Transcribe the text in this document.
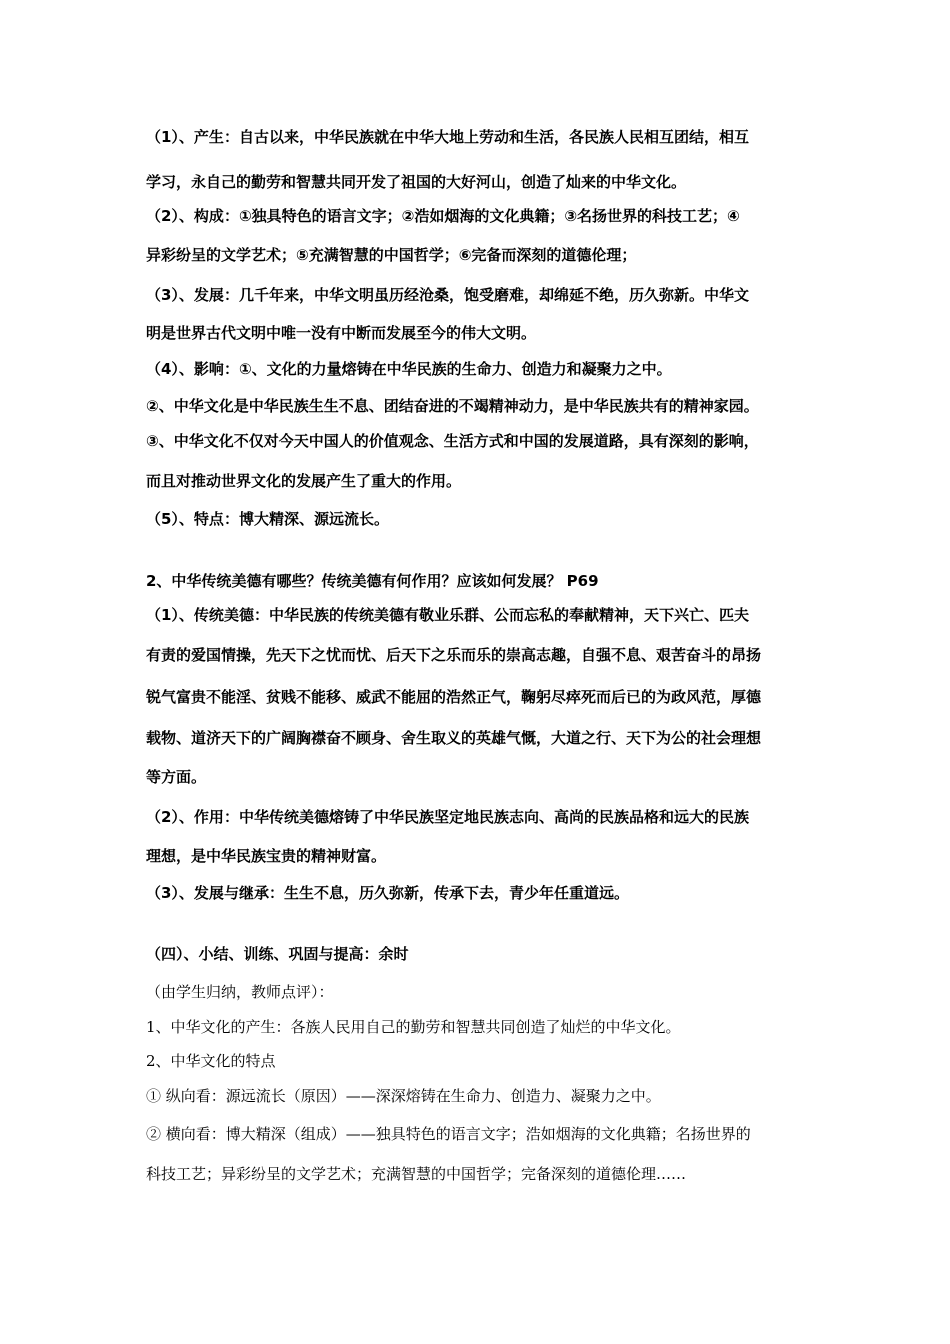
（1）、产生：自古以来，中华民族就在中华大地上劳动和生活，各民族人民相互团结，相互
学习，永自己的勤劳和智慧共同开发了祖国的大好河山，创造了灿来的中华文化。
（2）、构成：①独具特色的语言文字；②浩如烟海的文化典籍；③名扬世界的科技工艺；④
异彩纷呈的文学艺术；⑤充满智慧的中国哲学；⑥完备而深刻的道德伦理；
（3）、发展：几千年来，中华文明虽历经沧桑，饱受磨难，却绵延不绝，历久弥新。中华文
明是世界古代文明中唯一没有中断而发展至今的伟大文明。
（4）、影响：①、文化的力量熔铸在中华民族的生命力、创造力和凝聚力之中。
②、中华文化是中华民族生生不息、团结奋进的不竭精神动力，是中华民族共有的精神家园。
③、中华文化不仅对今天中国人的价值观念、生活方式和中国的发展道路，具有深刻的影响，
而且对推动世界文化的发展产生了重大的作用。
（5）、特点：博大精深、源远流长。
2、中华传统美德有哪些？传统美德有何作用？应该如何发展？ P69
（1）、传统美德：中华民族的传统美德有敬业乐群、公而忘私的奉献精神，天下兴亡、匹夫
有责的爱国情操，先天下之忧而忧、后天下之乐而乐的崇高志趣，自强不息、艰苦奋斗的昂扬
锐气富贵不能淫、贫贱不能移、威武不能屈的浩然正气，鞠躬尽瘁死而后已的为政风范，厚德
载物、道济天下的广阔胸襟奋不顾身、舍生取义的英雄气慨，大道之行、天下为公的社会理想
等方面。
（2）、作用：中华传统美德熔铸了中华民族坚定地民族志向、高尚的民族品格和远大的民族
理想，是中华民族宝贵的精神财富。
（3）、发展与继承：生生不息，历久弥新，传承下去，青少年任重道远。
（四）、小结、训练、巩固与提高：余时
（由学生归纳，教师点评）：
1、中华文化的产生：各族人民用自己的勤劳和智慧共同创造了灿烂的中华文化。
2、中华文化的特点
① 纵向看：源远流长（原因）——深深熔铸在生命力、创造力、凝聚力之中。
② 横向看：博大精深（组成）——独具特色的语言文字；浩如烟海的文化典籍；名扬世界的
科技工艺；异彩纷呈的文学艺术；充满智慧的中国哲学；完备深刻的道德伦理……
